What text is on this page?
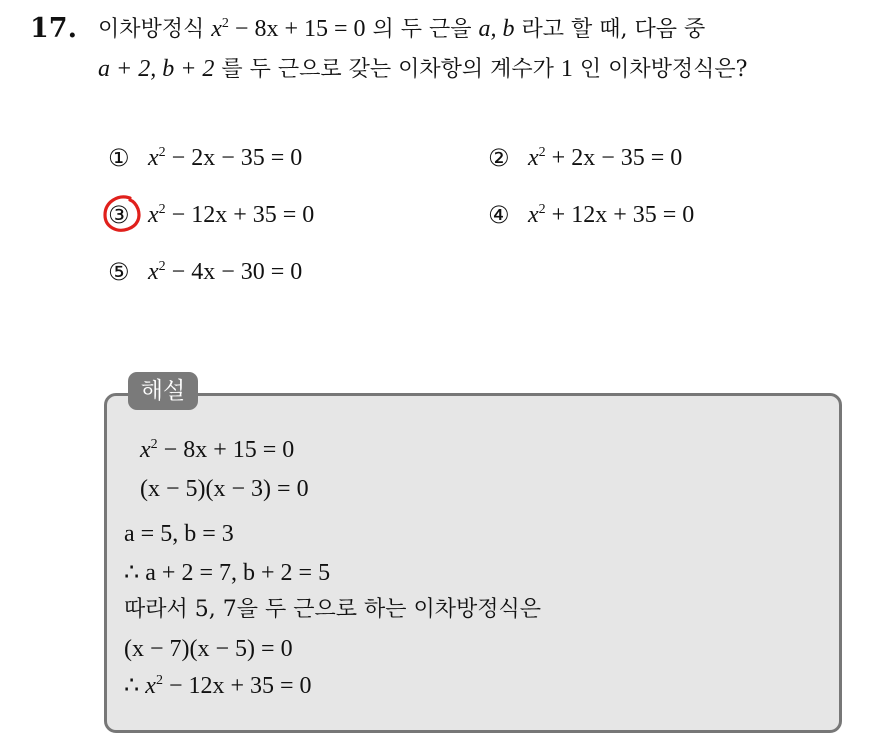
17. 이차방정식 $x^2 - 8x + 15 = 0$ 의 두 근을 a, b 라고 할 때, 다음 중
a + 2, b + 2 를 두 근으로 갖는 이차항의 계수가 1 인 이차방정식은?
① $x^2 - 2x - 35 = 0$	② $x^2 + 2x - 35 = 0$
③ $x^2 - 12x + 35 = 0$	④ $x^2 + 12x + 35 = 0$
⑤ $x^2 - 4x - 30 = 0$
해설
$x^2 - 8x + 15 = 0$
(x − 5)(x − 3) = 0
a = 5, b = 3
∴ a + 2 = 7, b + 2 = 5
따라서 5, 7을 두 근으로 하는 이차방정식은
(x − 7)(x − 5) = 0
∴ $x^2 - 12x + 35 = 0$
